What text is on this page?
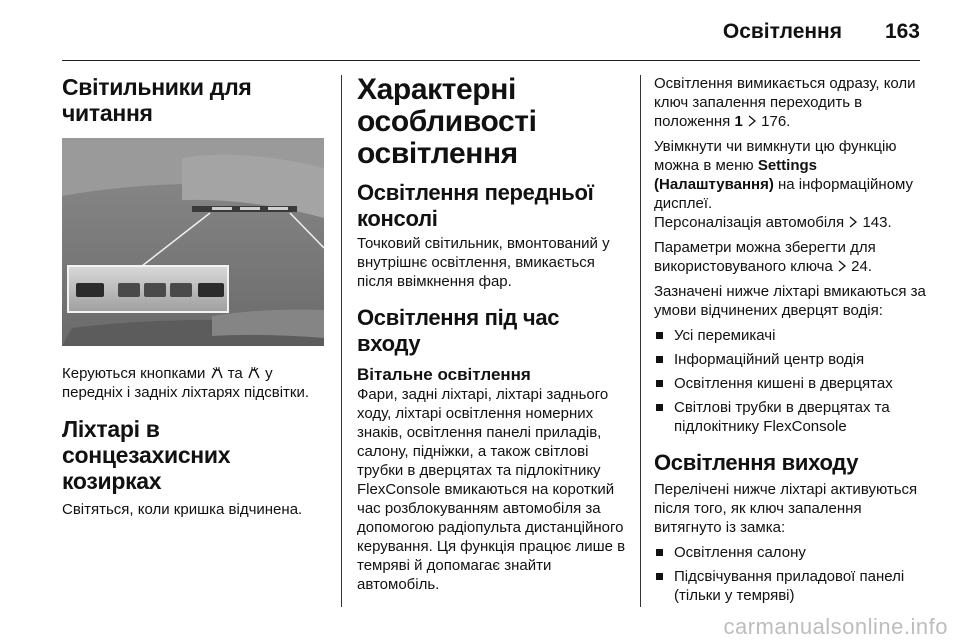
Освітлення 163
Світильники для читання

Керуються кнопками та у
передніх і задніх ліхтарях підсвітки.

Ліхтарі в сонцезахисних козирках

Світяться, коли кришка відчинена.

Характерні особливості освітлення
Освітлення передньої консолі

Точковий світильник, вмонтований у внутрішнє освітлення, вмикається після ввімкнення фар.

Освітлення під час входу
Вітальне освітлення

Фари, задні ліхтарі, ліхтарі заднього ходу, ліхтарі освітлення номерних знаків, освітлення панелі приладів, салону, підніжки, а також світлові трубки в дверцятах та підлокітнику FlexConsole вмикаються на короткий час розблокуванням автомобіля за допомогою радіопульта дистанційного керування. Ця функція працює лише в темряві й допомагає знайти автомобіль.

Освітлення вимикається одразу, коли ключ запалення переходить в положення 1 176.

Увімкнути чи вимкнути цю функцію можна в меню Settings (Налаштування) на інформаційному дисплеї.
Персоналізація автомобіля 143.

Параметри можна зберегти для використовуваного ключа 24.

Зазначені нижче ліхтарі вмикаються за умови відчинених дверцят водія:

Усі перемикачі
Інформаційний центр водія
Освітлення кишені в дверцятах
Світлові трубки в дверцятах та підлокітнику FlexConsole
Освітлення виходу

Перелічені нижче ліхтарі активуються після того, як ключ запалення витягнуто із замка:

Освітлення салону
Підсвічування приладової панелі (тільки у темряві)
carmanualsonline.info
